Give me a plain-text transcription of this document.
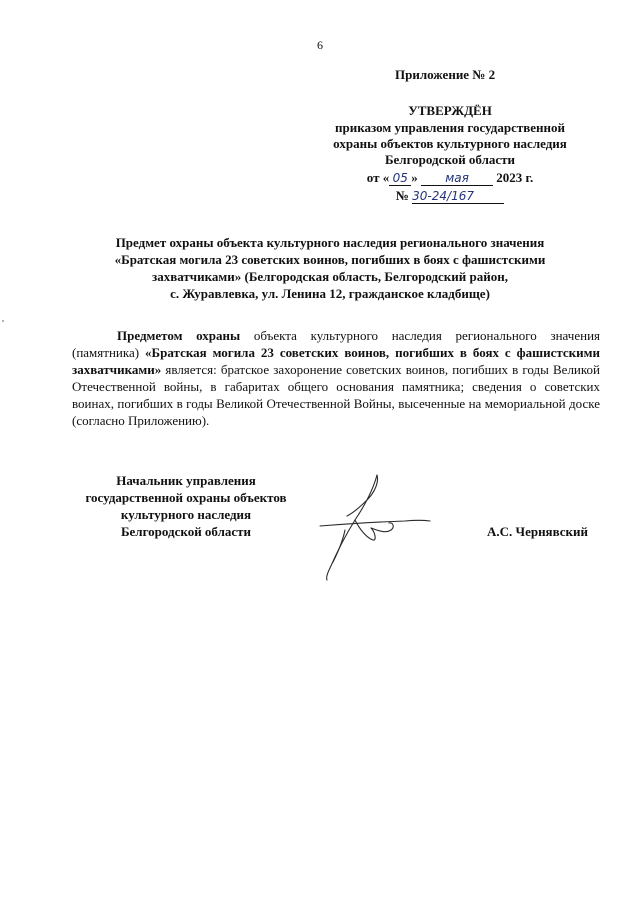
6
Приложение № 2
УТВЕРЖДЁН
приказом управления государственной
охраны объектов культурного наследия
Белгородской области
от « 05 » мая 2023 г.
№ 30-24/167
Предмет охраны объекта культурного наследия регионального значения
«Братская могила 23 советских воинов, погибших в боях с фашистскими
захватчиками» (Белгородская область, Белгородский район,
с. Журавлевка, ул. Ленина 12, гражданское кладбище)
Предметом охраны объекта культурного наследия регионального значения (памятника) «Братская могила 23 советских воинов, погибших в боях с фашистскими захватчиками» является: братское захоронение советских воинов, погибших в годы Великой Отечественной войны, в габаритах общего основания памятника; сведения о советских воинах, погибших в годы Великой Отечественной Войны, высеченные на мемориальной доске (согласно Приложению).
Начальник управления
государственной охраны объектов
культурного наследия
Белгородской области	А.С. Чернявский
